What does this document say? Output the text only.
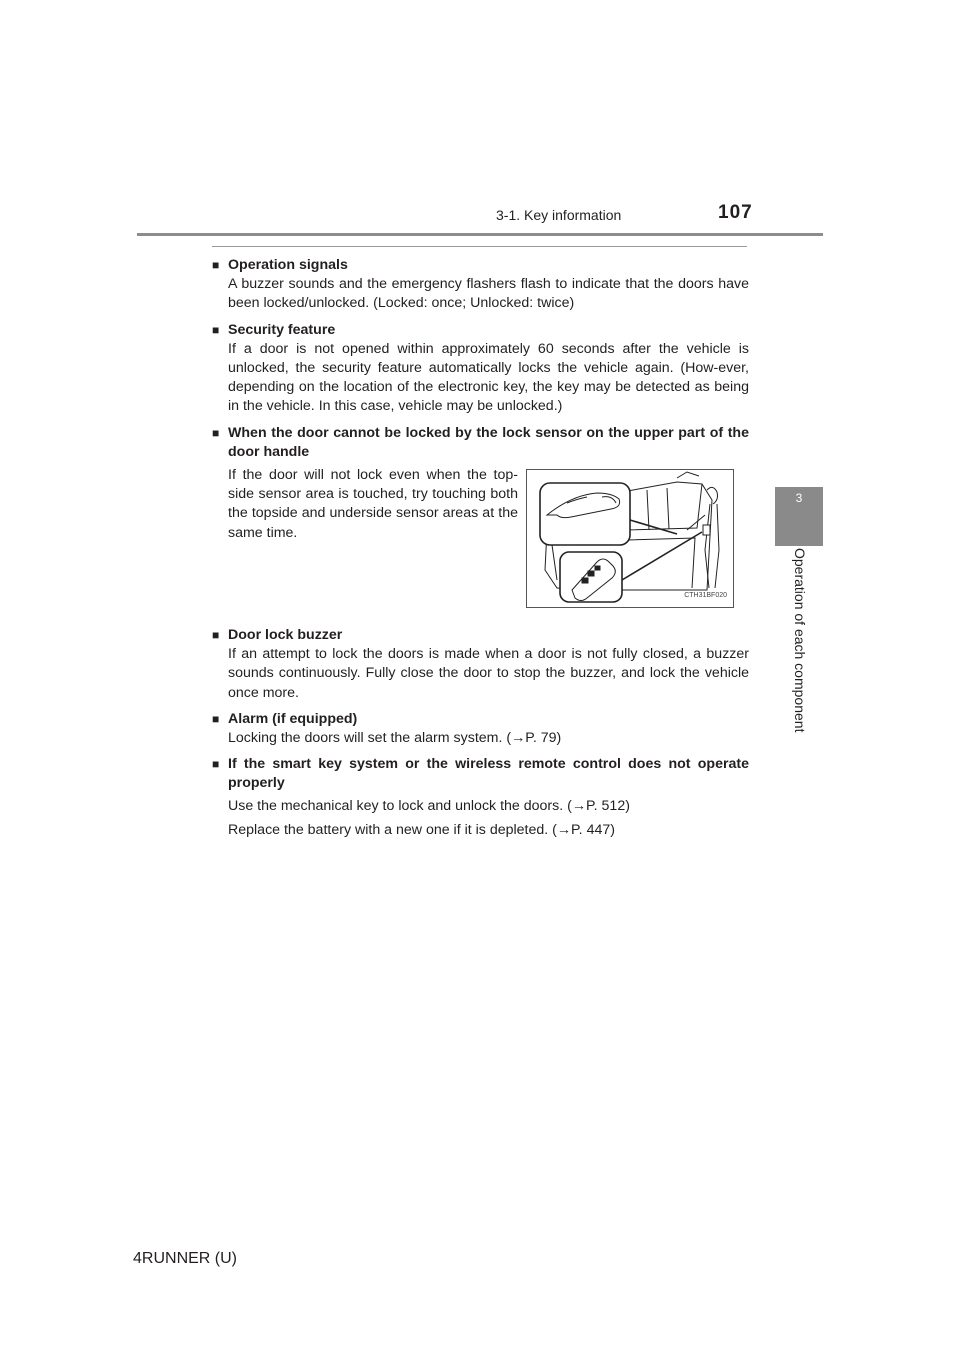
3-1. Key information	107
3
Operation of each component
■ Operation signals

A buzzer sounds and the emergency flashers flash to indicate that the doors have been locked/unlocked. (Locked: once; Unlocked: twice)

■ Security feature

If a door is not opened within approximately 60 seconds after the vehicle is unlocked, the security feature automatically locks the vehicle again. (How-ever, depending on the location of the electronic key, the key may be detected as being in the vehicle. In this case, vehicle may be unlocked.)

■ When the door cannot be locked by the lock sensor on the upper part of the door handle
If the door will not lock even when the top-side sensor area is touched, try touching both the topside and underside sensor areas at the same time.
CTH31BF020
■ Door lock buzzer

If an attempt to lock the doors is made when a door is not fully closed, a buzzer sounds continuously. Fully close the door to stop the buzzer, and lock the vehicle once more.

■ Alarm (if equipped)

Locking the doors will set the alarm system. (→P. 79)

■ If the smart key system or the wireless remote control does not operate properly

Use the mechanical key to lock and unlock the doors. (→P. 512)

Replace the battery with a new one if it is depleted. (→P. 447)

4RUNNER (U)
